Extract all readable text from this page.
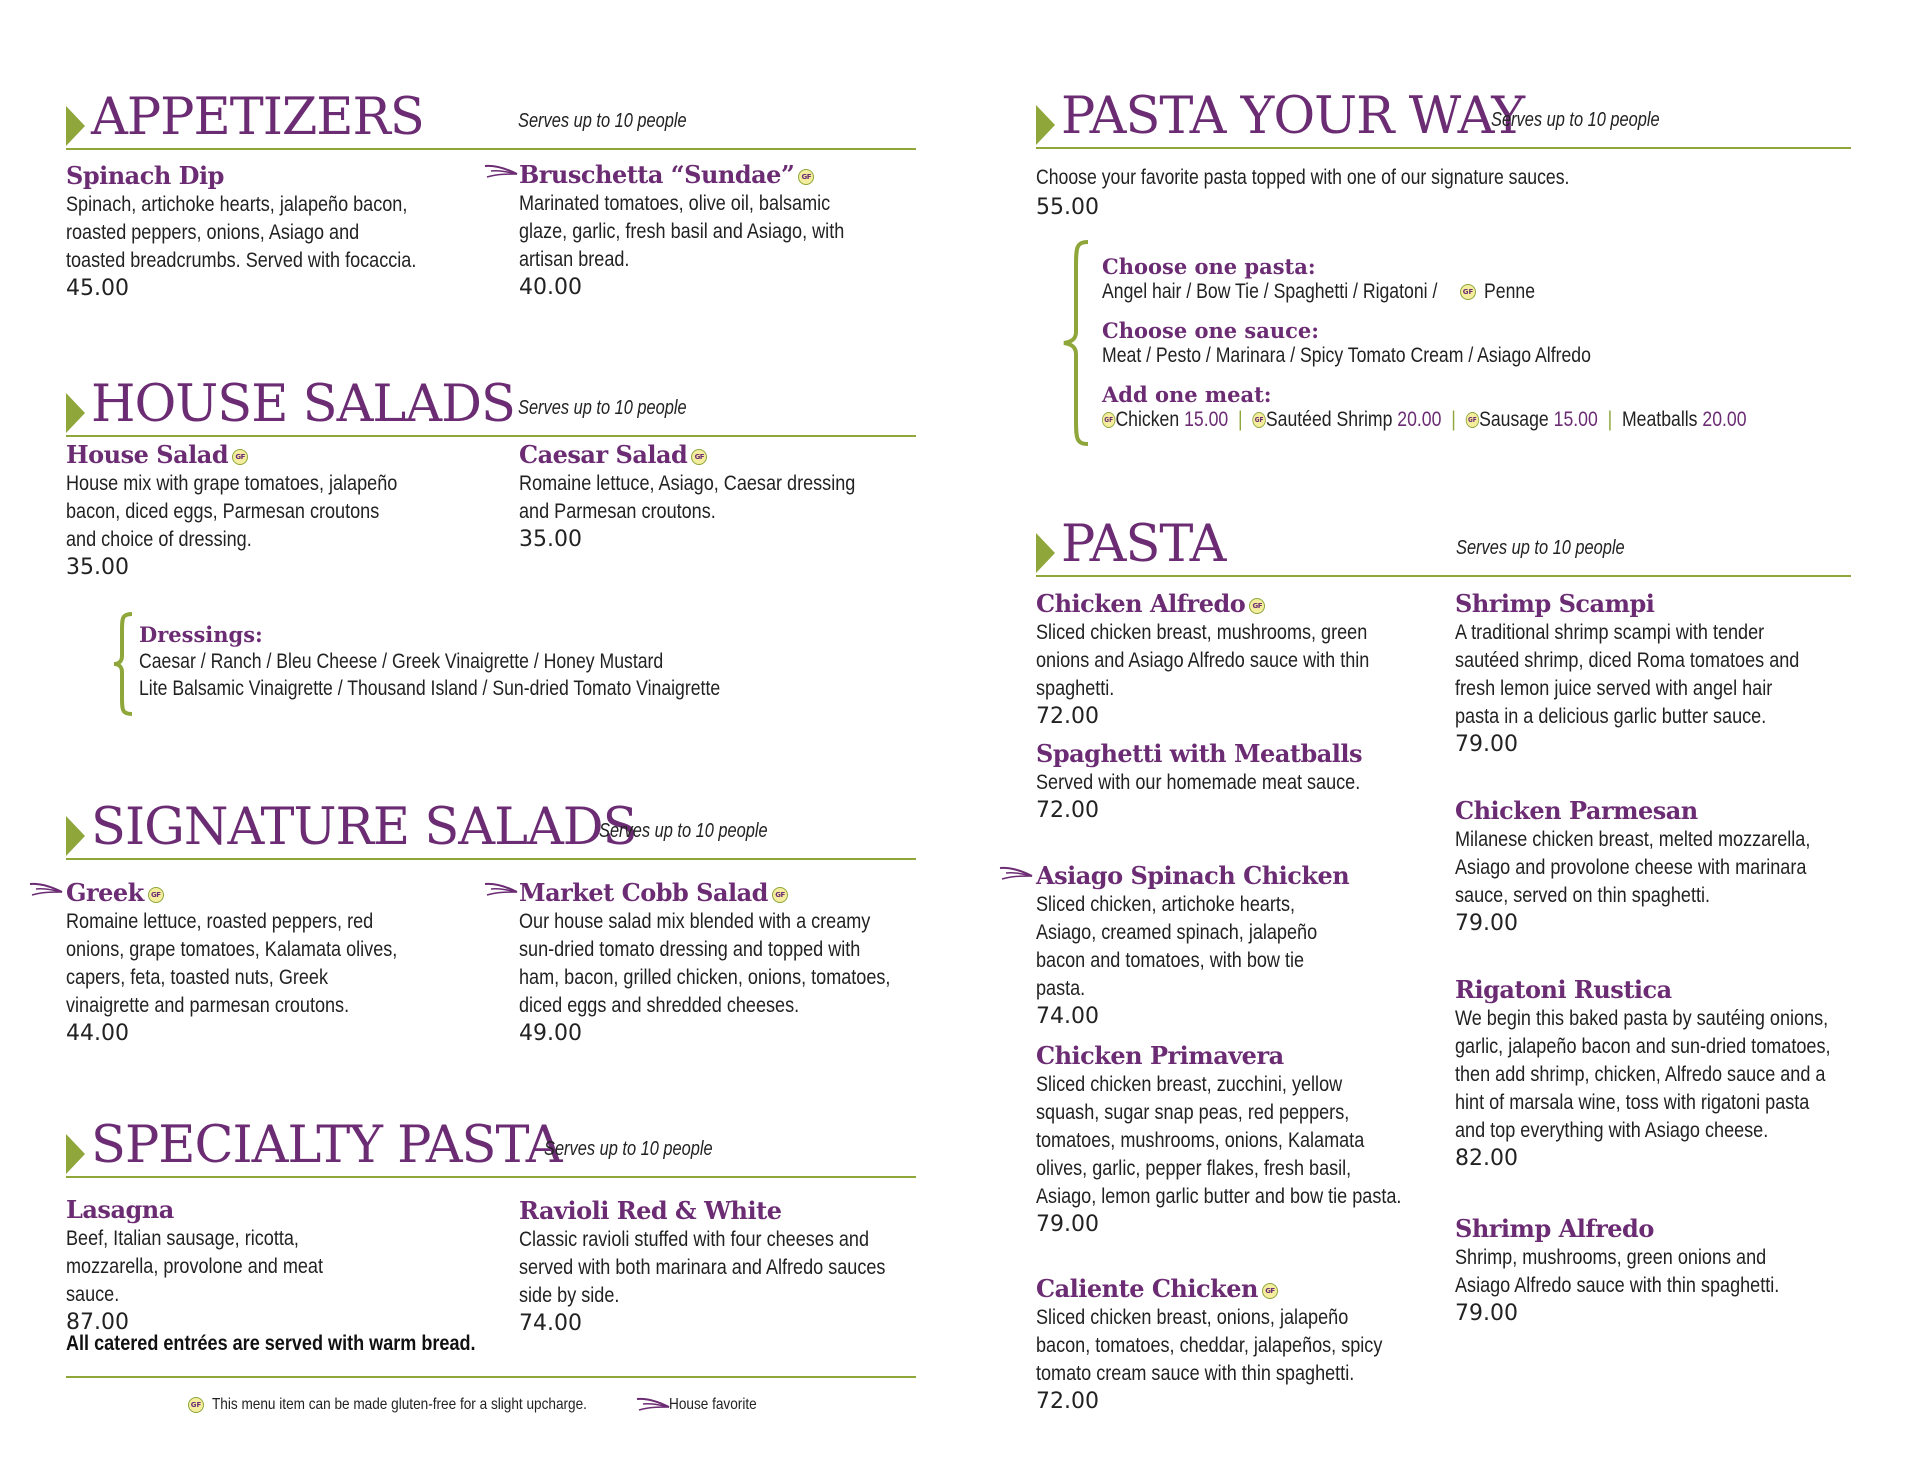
APPETIZERS	Serves up to 10 people
Spinach Dip
Spinach, artichoke hearts, jalapeño bacon, roasted peppers, onions, Asiago and toasted breadcrumbs. Served with focaccia.
45.00
Bruschetta “Sundae” GF
Marinated tomatoes, olive oil, balsamic glaze, garlic, fresh basil and Asiago, with artisan bread.
40.00
HOUSE SALADS Serves up to 10 people
House Salad GF
House mix with grape tomatoes, jalapeño bacon, diced eggs, Parmesan croutons and choice of dressing.
35.00
Caesar Salad GF
Romaine lettuce, Asiago, Caesar dressing and Parmesan croutons.
35.00
Dressings:
Caesar / Ranch / Bleu Cheese / Greek Vinaigrette / Honey Mustard
Lite Balsamic Vinaigrette / Thousand Island / Sun-dried Tomato Vinaigrette
SIGNATURE SALADS
Serves up to 10 people
Greek GF
Romaine lettuce, roasted peppers, red onions, grape tomatoes, Kalamata olives, capers, feta, toasted nuts, Greek vinaigrette and parmesan croutons.
44.00
Market Cobb Salad GF
Our house salad mix blended with a creamy sun-dried tomato dressing and topped with ham, bacon, grilled chicken, onions, tomatoes, diced eggs and shredded cheeses.
49.00
SPECIALTY PASTA
Serves up to 10 people
Lasagna
Beef, Italian sausage, ricotta, mozzarella, provolone and meat sauce.
87.00
Ravioli Red & White
Classic ravioli stuffed with four cheeses and served with both marinara and Alfredo sauces side by side.
74.00
All catered entrées are served with warm bread.
GF This menu item can be made gluten-free for a slight upcharge.	House favorite
PASTA YOUR WAY
Serves up to 10 people
Choose your favorite pasta topped with one of our signature sauces.
55.00
Choose one pasta:
Angel hair / Bow Tie / Spaghetti / Rigatoni /	GF Penne
Choose one sauce:
Meat / Pesto / Marinara / Spicy Tomato Cream / Asiago Alfredo
Add one meat:
GF Chicken 15.00  |  GF Sautéed Shrimp 20.00  |  GF Sausage 15.00  |  Meatballs 20.00
PASTA	Serves up to 10 people
Chicken Alfredo GF
Sliced chicken breast, mushrooms, green onions and Asiago Alfredo sauce with thin spaghetti.
72.00
Spaghetti with Meatballs
Served with our homemade meat sauce.
72.00
Asiago Spinach Chicken
Sliced chicken, artichoke hearts, Asiago, creamed spinach, jalapeño bacon and tomatoes, with bow tie pasta.
74.00
Chicken Primavera
Sliced chicken breast, zucchini, yellow squash, sugar snap peas, red peppers, tomatoes, mushrooms, onions, Kalamata olives, garlic, pepper flakes, fresh basil, Asiago, lemon garlic butter and bow tie pasta.
79.00
Caliente Chicken GF
Sliced chicken breast, onions, jalapeño bacon, tomatoes, cheddar, jalapeños, spicy tomato cream sauce with thin spaghetti.
72.00
Shrimp Scampi
A traditional shrimp scampi with tender sautéed shrimp, diced Roma tomatoes and fresh lemon juice served with angel hair pasta in a delicious garlic butter sauce.
79.00
Chicken Parmesan
Milanese chicken breast, melted mozzarella, Asiago and provolone cheese with marinara sauce, served on thin spaghetti.
79.00
Rigatoni Rustica
We begin this baked pasta by sautéing onions, garlic, jalapeño bacon and sun-dried tomatoes, then add shrimp, chicken, Alfredo sauce and a hint of marsala wine, toss with rigatoni pasta and top everything with Asiago cheese.
82.00
Shrimp Alfredo
Shrimp, mushrooms, green onions and Asiago Alfredo sauce with thin spaghetti.
79.00
